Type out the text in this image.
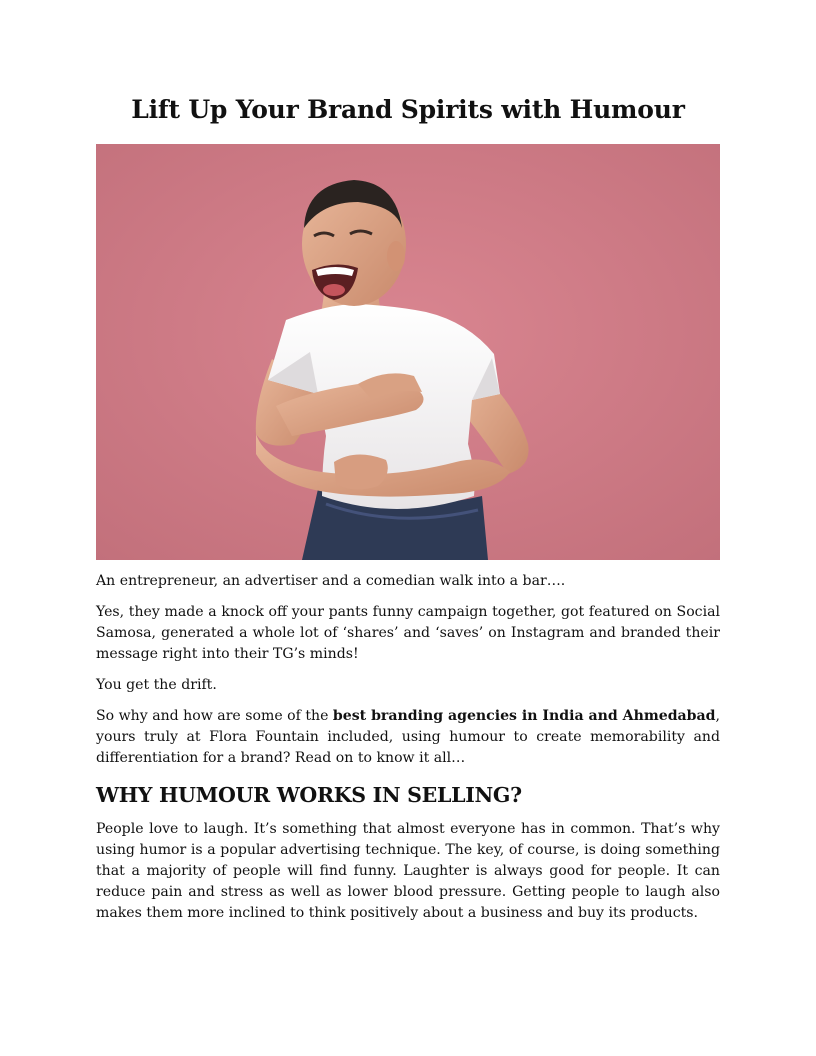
Lift Up Your Brand Spirits with Humour

An entrepreneur, an advertiser and a comedian walk into a bar….

Yes, they made a knock off your pants funny campaign together, got featured on Social Samosa, generated a whole lot of ‘shares’ and ‘saves’ on Instagram and branded their message right into their TG’s minds!

You get the drift.

So why and how are some of the best branding agencies in India and Ahmedabad, yours truly at Flora Fountain included, using humour to create memorability and differentiation for a brand? Read on to know it all…

WHY HUMOUR WORKS IN SELLING?

People love to laugh. It’s something that almost everyone has in common. That’s why using humor is a popular advertising technique. The key, of course, is doing something that a majority of people will find funny. Laughter is always good for people. It can reduce pain and stress as well as lower blood pressure. Getting people to laugh also makes them more inclined to think positively about a business and buy its products.
